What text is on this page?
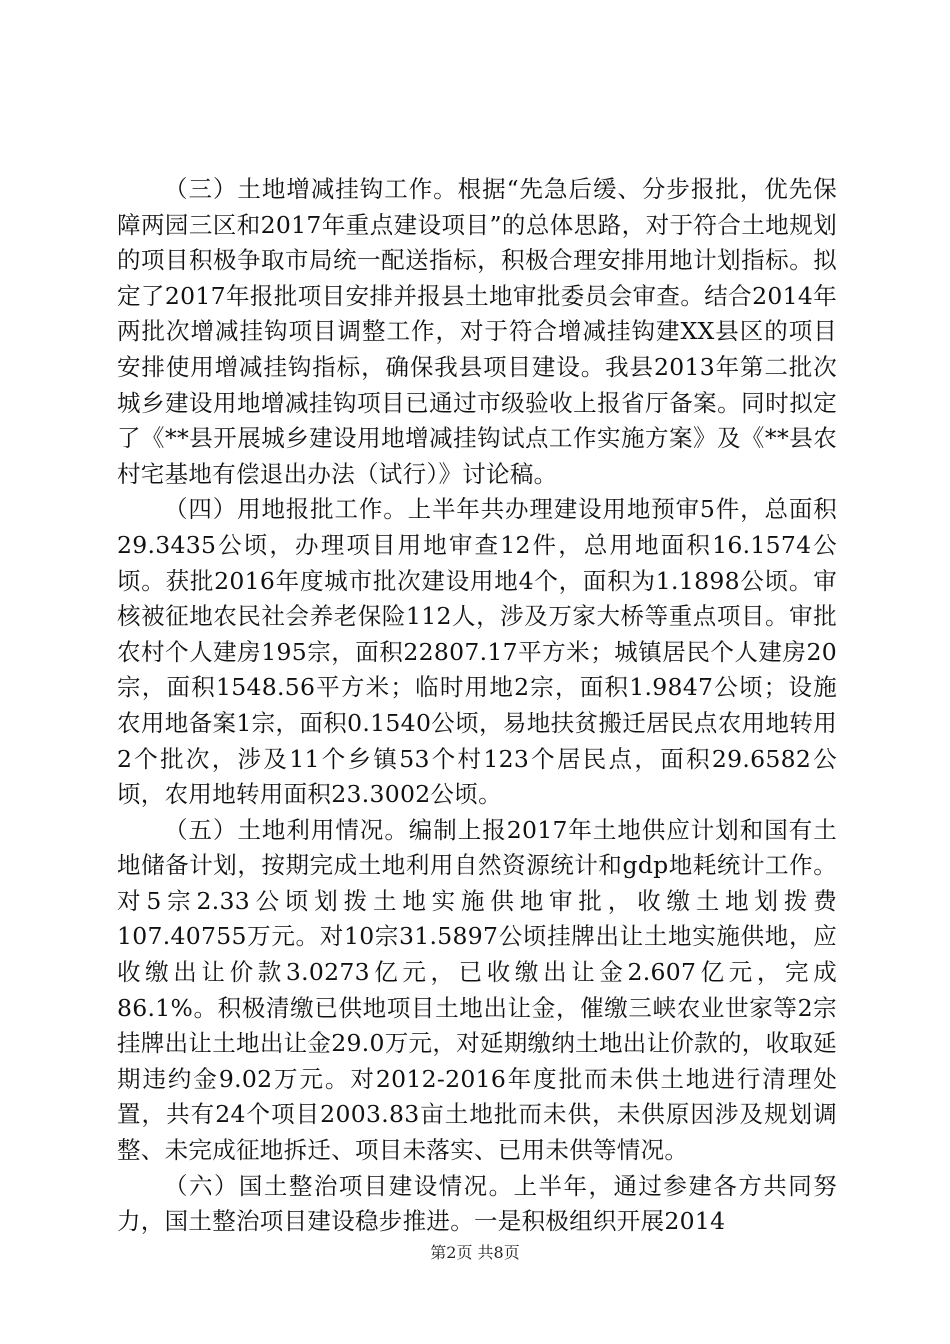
（三）土地增减挂钩工作。根据“先急后缓、分步报批，优先保障两园三区和2017年重点建设项目”的总体思路，对于符合土地规划的项目积极争取市局统一配送指标，积极合理安排用地计划指标。拟定了2017年报批项目安排并报县土地审批委员会审查。结合2014年两批次增减挂钩项目调整工作，对于符合增减挂钩建XX县区的项目安排使用增减挂钩指标，确保我县项目建设。我县2013年第二批次城乡建设用地增减挂钩项目已通过市级验收上报省厅备案。同时拟定了《**县开展城乡建设用地增减挂钩试点工作实施方案》及《**县农村宅基地有偿退出办法（试行）》讨论稿。

（四）用地报批工作。上半年共办理建设用地预审5件，总面积29.3435公顷，办理项目用地审查12件，总用地面积16.1574公顷。获批2016年度城市批次建设用地4个，面积为1.1898公顷。审核被征地农民社会养老保险112人，涉及万家大桥等重点项目。审批农村个人建房195宗，面积22807.17平方米；城镇居民个人建房20宗，面积1548.56平方米；临时用地2宗，面积1.9847公顷；设施农用地备案1宗，面积0.1540公顷，易地扶贫搬迁居民点农用地转用2个批次，涉及11个乡镇53个村123个居民点，面积29.6582公顷，农用地转用面积23.3002公顷。

（五）土地利用情况。编制上报2017年土地供应计划和国有土地储备计划，按期完成土地利用自然资源统计和gdp地耗统计工作。对5宗2.33公顷划拨土地实施供地审批，收缴土地划拨费107.40755万元。对10宗31.5897公顷挂牌出让土地实施供地，应收缴出让价款3.0273亿元，已收缴出让金2.607亿元，完成86.1%。积极清缴已供地项目土地出让金，催缴三峡农业世家等2宗挂牌出让土地出让金29.0万元，对延期缴纳土地出让价款的，收取延期违约金9.02万元。对2012-2016年度批而未供土地进行清理处置，共有24个项目2003.83亩土地批而未供，未供原因涉及规划调整、未完成征地拆迁、项目未落实、已用未供等情况。

（六）国土整治项目建设情况。上半年，通过参建各方共同努力，国土整治项目建设稳步推进。一是积极组织开展2014

第2页 共8页
